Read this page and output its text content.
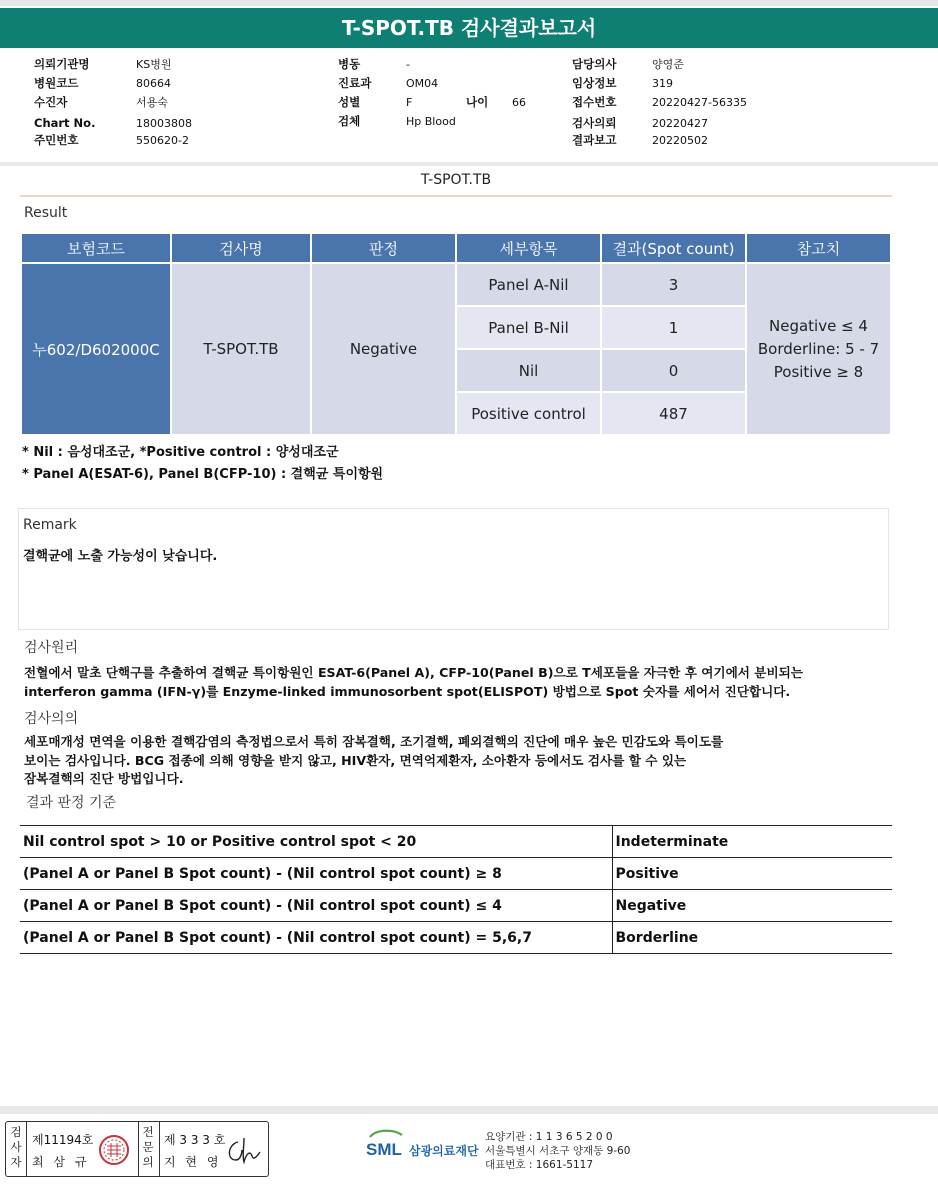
T-SPOT.TB 검사결과보고서
의뢰기관명	KS병원
병원코드	80664
수진자	서용숙
Chart No.	18003808
주민번호	550620-2
병동	-
진료과	OM04
성별	F	나이 66
검체	Hp Blood
담당의사	양영준
임상정보	319
접수번호	20220427-56335
검사의뢰	20220427
결과보고	20220502
T-SPOT.TB
Result
보험코드	검사명	판정	세부항목	결과(Spot count)	참고치
누602/D602000C	T-SPOT.TB	Negative	Panel A-Nil	3	Negative ≤ 4
Borderline: 5 - 7
Positive ≥ 8

			Panel B-Nil	1	
			Nil	0	
			Positive control	487	
* Nil : 음성대조군, *Positive control : 양성대조군
* Panel A(ESAT-6), Panel B(CFP-10) : 결핵균 특이항원
Remark
결핵균에 노출 가능성이 낮습니다.
검사원리
전혈에서 말초 단핵구를 추출하여 결핵균 특이항원인 ESAT-6(Panel A), CFP-10(Panel B)으로 T세포들을 자극한 후 여기에서 분비되는
interferon gamma (IFN-γ)를 Enzyme-linked immunosorbent spot(ELISPOT) 방법으로 Spot 숫자를 세어서 진단합니다.
검사의의
세포매개성 면역을 이용한 결핵감염의 측정법으로서 특히 잠복결핵, 조기결핵, 폐외결핵의 진단에 매우 높은 민감도와 특이도를
보이는 검사입니다. BCG 접종에 의해 영향을 받지 않고, HIV환자, 면역억제환자, 소아환자 등에서도 검사를 할 수 있는
잠복결핵의 진단 방법입니다.
결과 판정 기준
Nil control spot > 10 or Positive control spot < 20	Indeterminate
(Panel A or Panel B Spot count) - (Nil control spot count) ≥ 8	Positive
(Panel A or Panel B Spot count) - (Nil control spot count) ≤ 4	Negative
(Panel A or Panel B Spot count) - (Nil control spot count) = 5,6,7	Borderline
검사자
제11194호
최 삼 규
전문의
제 3 3 3 호
지 현 영
SML 삼광의료재단
요양기관 : 1 1 3 6 5 2 0 0
서울특별시 서초구 양재동 9-60
대표번호 : 1661-5117
